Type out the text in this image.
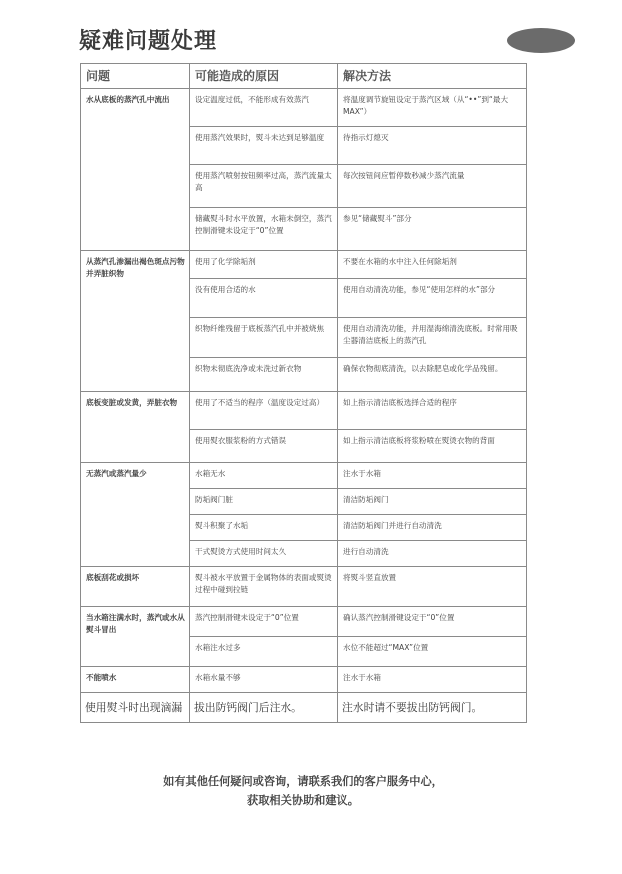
疑难问题处理
问题	可能造成的原因	解决方法
水从底板的蒸汽孔中流出	设定温度过低，不能形成有效蒸汽	将温度调节旋钮设定于蒸汽区域（从“••”到“最大MAX”）
	使用蒸汽效果时，熨斗未达到足够温度	待指示灯熄灭
	使用蒸汽喷射按钮频率过高，蒸汽流量太高	每次按钮间应暂停数秒减少蒸汽流量
	储藏熨斗时水平放置，水箱未倒空，蒸汽控制滑键未设定于“0”位置	参见“储藏熨斗”部分
从蒸汽孔渗漏出褐色斑点污物并弄脏织物	使用了化学除垢剂	不要在水箱的水中注入任何除垢剂
	没有使用合适的水	使用自动清洗功能，参见“使用怎样的水”部分
	织物纤维残留于底板蒸汽孔中并被烧焦	使用自动清洗功能，并用湿海绵清洗底板。时常用吸尘器清洁底板上的蒸汽孔
	织物未彻底洗净或未洗过新衣物	确保衣物彻底清洗，以去除肥皂或化学品残留。
底板变脏或发黄，弄脏衣物	使用了不适当的程序（温度设定过高）	如上指示清洁底板选择合适的程序
	使用熨衣服浆粉的方式错误	如上指示清洁底板将浆粉喷在熨烫衣物的背面
无蒸汽或蒸汽量少	水箱无水	注水于水箱
	防垢阀门脏	清洁防垢阀门
	熨斗积聚了水垢	清洁防垢阀门并进行自动清洗
	干式熨烫方式使用时间太久	进行自动清洗
底板刮花或损坏	熨斗被水平放置于金属物体的表面或熨烫过程中碰到拉链	将熨斗竖直放置
当水箱注满水时，蒸汽或水从熨斗冒出	蒸汽控制滑键未设定于“0”位置	确认蒸汽控制滑键设定于“0”位置
	水箱注水过多	水位不能超过“MAX”位置
不能喷水	水箱水量不够	注水于水箱
使用熨斗时出现滴漏	拔出防钙阀门后注水。	注水时请不要拔出防钙阀门。
如有其他任何疑问或咨询，请联系我们的客户服务中心，
获取相关协助和建议。
